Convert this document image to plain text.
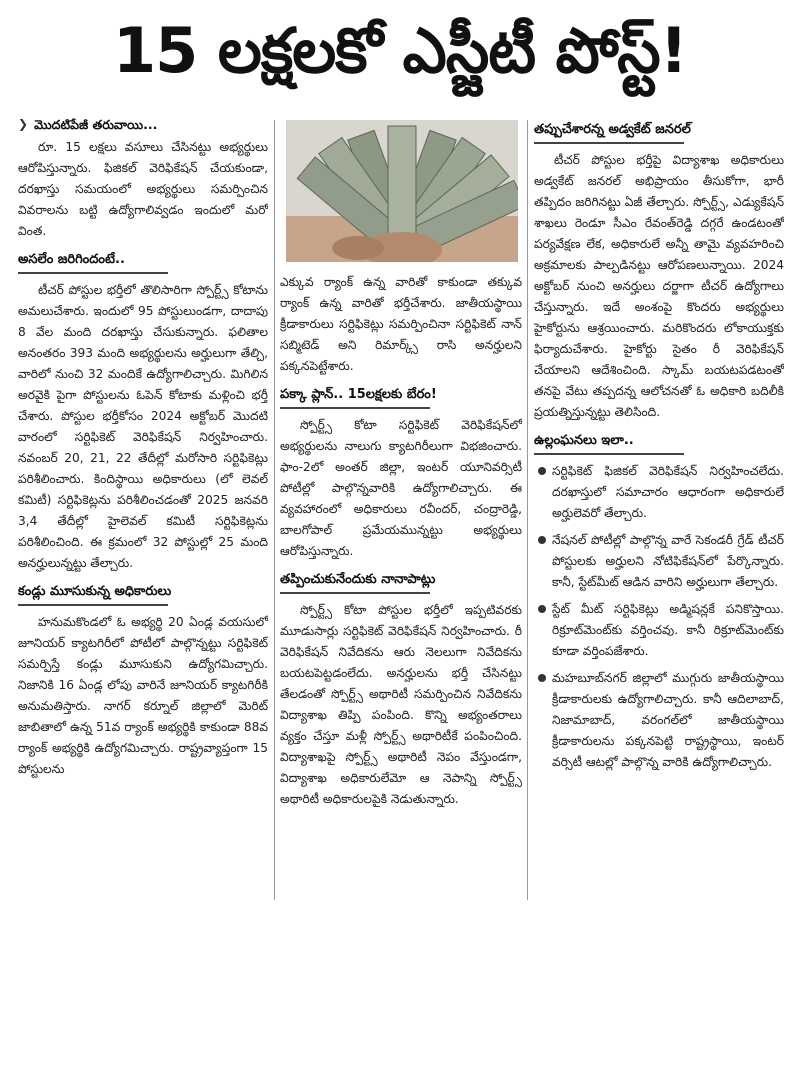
15 లక్షలకో ఎస్జీటీ పోస్ట్!
❯ మొదటిపేజీ తరువాయి...

రూ. 15 లక్షలు వసూలు చేసినట్టు అభ్యర్థులు ఆరోపిస్తున్నారు. ఫిజికల్ వెరిఫికేషన్ చేయకుండా, దరఖాస్తు సమయంలో అభ్యర్థులు సమర్పించిన వివరాలను బట్టి ఉద్యోగాలివ్వడం ఇందులో మరో వింత.

అసలేం జరిగిందంటే..

టీచర్ పోస్టుల భర్తీలో తొలిసారిగా స్పోర్ట్స్ కోటాను అమలుచేశారు. ఇందులో 95 పోస్టులుండగా, దాదాపు 8 వేల మంది దరఖాస్తు చేసుకున్నారు. ఫలితాల అనంతరం 393 మంది అభ్యర్థులను అర్హులుగా తేల్చి, వారిలో నుంచి 32 మందికే ఉద్యోగాలిచ్చారు. మిగిలిన అరవైకి పైగా పోస్టులను ఓపెన్ కోటాకు మళ్లించి భర్తీ చేశారు. పోస్టుల భర్తీకోసం 2024 అక్టోబర్ మొదటి వారంలో సర్టిఫికెట్ వెరిఫికేషన్ నిర్వహించారు. నవంబర్ 20, 21, 22 తేదీల్లో మరోసారి సర్టిఫికెట్లు పరిశీలించారు. కిందిస్థాయి అధికారులు (లో లెవల్ కమిటీ) సర్టిఫికెట్లను పరిశీలించడంతో 2025 జనవరి 3,4 తేదీల్లో హైలెవల్ కమిటీ సర్టిఫికెట్లను పరిశీలించింది. ఈ క్రమంలో 32 పోస్టుల్లో 25 మంది అనర్హులున్నట్టు తేల్చారు.

కండ్లు మూసుకున్న అధికారులు

హనుమకొండలో ఓ అభ్యర్థి 20 ఏండ్ల వయసులో జూనియర్ క్యాటగిరీలో పోటీలో పాల్గొన్నట్టు సర్టిఫికెట్ సమర్పిస్తే కండ్లు మూసుకుని ఉద్యోగమిచ్చారు. నిజానికి 16 ఏండ్ల లోపు వారినే జూనియర్ క్యాటగిరీకి అనుమతిస్తారు. నాగర్ కర్నూల్ జిల్లాలో మెరిట్ జాబితాలో ఉన్న 51వ ర్యాంక్ అభ్యర్థికి కాకుండా 88వ ర్యాంక్ అభ్యర్థికి ఉద్యోగమిచ్చారు. రాష్ట్రవ్యాప్తంగా 15 పోస్టులను

ఎక్కువ ర్యాంక్ ఉన్న వారితో కాకుండా తక్కువ ర్యాంక్ ఉన్న వారితో భర్తీచేశారు. జాతీయస్థాయి క్రీడాకారులు సర్టిఫికెట్లు సమర్పించినా సర్టిఫికెట్ నాన్ సబ్మిటెడ్ అని రిమార్క్స్ రాసి అనర్హులని పక్కనపెట్టేశారు.

పక్కా ప్లాన్.. 15లక్షలకు బేరం!

స్పోర్ట్స్ కోటా సర్టిఫికెట్ వెరిఫికేషన్‌లో అభ్యర్థులను నాలుగు క్యాటగిరీలుగా విభజించారు. ఫాం-2లో అంతర్ జిల్లా, ఇంటర్ యూనివర్సిటీ పోటీల్లో పాల్గొన్నవారికి ఉద్యోగాలిచ్చారు. ఈ వ్యవహారంలో అధికారులు రవీందర్, చంద్రారెడ్డి, బాలగోపాల్ ప్రమేయమున్నట్టు అభ్యర్థులు ఆరోపిస్తున్నారు.

తప్పించుకునేందుకు నానాపాట్లు

స్పోర్ట్స్ కోటా పోస్టుల భర్తీలో ఇప్పటివరకు మూడుసార్లు సర్టిఫికెట్ వెరిఫికేషన్ నిర్వహించారు. రీ వెరిఫికేషన్ నివేదికను ఆరు నెలలుగా నివేదికను బయటపెట్టడంలేదు. అనర్హులను భర్తీ చేసినట్టు తేలడంతో స్పోర్ట్స్ అథారిటీ సమర్పించిన నివేదికను విద్యాశాఖ తిప్పి పంపింది. కొన్ని అభ్యంతరాలు వ్యక్తం చేస్తూ మళ్లీ స్పోర్ట్స్ అథారిటీకే పంపించింది. విద్యాశాఖపై స్పోర్ట్స్ అథారిటీ నెపం వేస్తుండగా, విద్యాశాఖ అధికారులేమో ఆ నెపాన్ని స్పోర్ట్స్ అథారిటీ అధికారులపైకి నెడుతున్నారు.

తప్పుచేశారన్న అడ్వకేట్ జనరల్

టీచర్ పోస్టుల భర్తీపై విద్యాశాఖ అధికారులు అడ్వకేట్ జనరల్ అభిప్రాయం తీసుకోగా, భారీ తప్పిదం జరిగినట్టు ఏజీ తేల్చారు. స్పోర్ట్స్, ఎడ్యుకేషన్ శాఖలు రెండూ సీఎం రేవంత్‌రెడ్డి దగ్గరే ఉండటంతో పర్యవేక్షణ లేక, అధికారులే అన్నీ తామై వ్యవహరించి అక్రమాలకు పాల్పడినట్టు ఆరోపణలున్నాయి. 2024 అక్టోబర్ నుంచి అనర్హులు దర్జాగా టీచర్ ఉద్యోగాలు చేస్తున్నారు. ఇదే అంశంపై కొందరు అభ్యర్థులు హైకోర్టును ఆశ్రయించారు. మరికొందరు లోకాయుక్తకు ఫిర్యాదుచేశారు. హైకోర్టు సైతం రీ వెరిఫికేషన్ చేయాలని ఆదేశించింది. స్కామ్ బయటపడటంతో తనపై వేటు తప్పదన్న ఆలోచనతో ఓ అధికారి బదిలీకి ప్రయత్నిస్తున్నట్టు తెలిసింది.

ఉల్లంఘనలు ఇలా..
సర్టిఫికెట్ ఫిజికల్ వెరిఫికేషన్ నిర్వహించలేదు. దరఖాస్తులో సమాచారం ఆధారంగా అధికారులే అర్హులెవరో తేల్చారు.
నేషనల్ పోటీల్లో పాల్గొన్న వారే సెకండరీ గ్రేడ్ టీచర్ పోస్టులకు అర్హులని నోటిఫికేషన్‌లో పేర్కొన్నారు. కానీ, స్టేట్‌మీట్ ఆడిన వారిని అర్హులుగా తేల్చారు.
స్టేట్ మీట్ సర్టిఫికెట్లు అడ్మిషన్లకే పనికొస్తాయి. రిక్రూట్‌మెంట్‌కు వర్తించవు. కానీ రిక్రూట్‌మెంట్‌కు కూడా వర్తింపజేశారు.
మహబూబ్‌నగర్ జిల్లాలో ముగ్గురు జాతీయస్థాయి క్రీడాకారులకు ఉద్యోగాలిచ్చారు. కానీ ఆదిలాబాద్, నిజామాబాద్, వరంగల్‌లో జాతీయస్థాయి క్రీడాకారులను పక్కనపెట్టి రాష్ట్రస్థాయి, ఇంటర్ వర్సిటీ ఆటల్లో పాల్గొన్న వారికి ఉద్యోగాలిచ్చారు.
